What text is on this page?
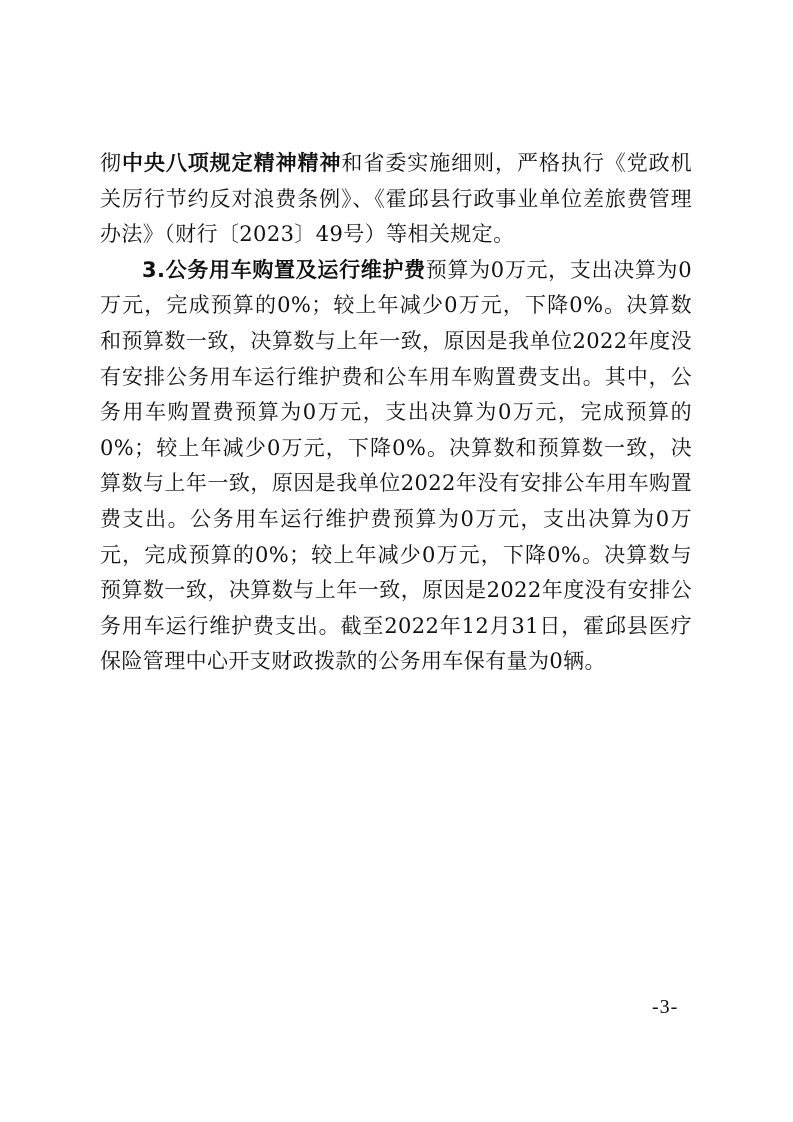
彻中央八项规定精神精神和省委实施细则，严格执行《党政机关厉行节约反对浪费条例》、《霍邱县行政事业单位差旅费管理办法》（财行〔2023〕49号）等相关规定。

3.公务用车购置及运行维护费预算为0万元，支出决算为0万元，完成预算的0%；较上年减少0万元，下降0%。决算数和预算数一致，决算数与上年一致，原因是我单位2022年度没有安排公务用车运行维护费和公车用车购置费支出。其中，公务用车购置费预算为0万元，支出决算为0万元，完成预算的0%；较上年减少0万元，下降0%。决算数和预算数一致，决算数与上年一致，原因是我单位2022年没有安排公车用车购置费支出。公务用车运行维护费预算为0万元，支出决算为0万元，完成预算的0%；较上年减少0万元，下降0%。决算数与预算数一致，决算数与上年一致，原因是2022年度没有安排公务用车运行维护费支出。截至2022年12月31日，霍邱县医疗保险管理中心开支财政拨款的公务用车保有量为0辆。

-3-
